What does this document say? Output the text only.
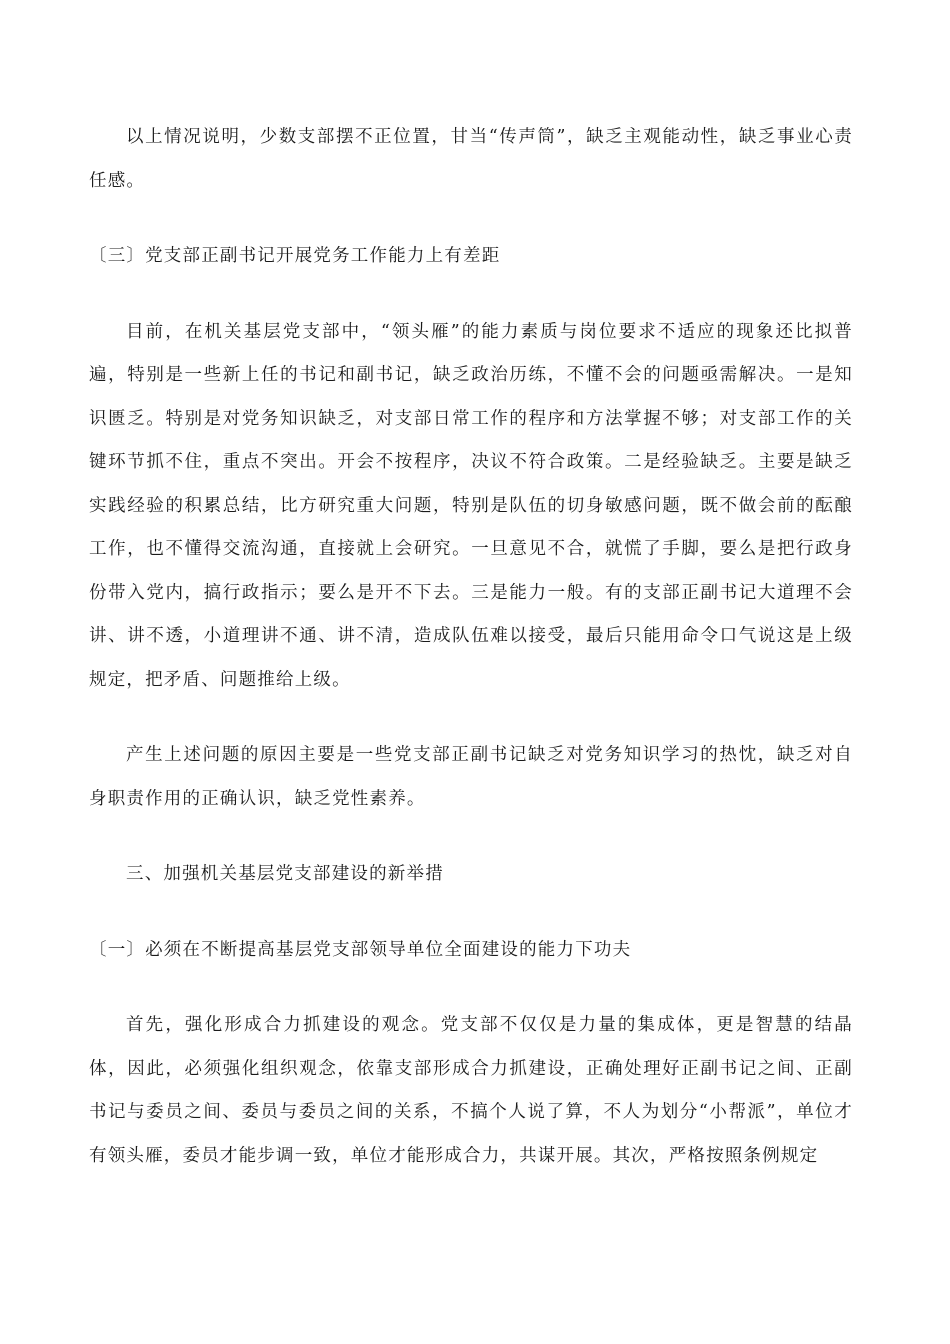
以上情况说明，少数支部摆不正位置，甘当“传声筒”，缺乏主观能动性，缺乏事业心责任感。

〔三〕党支部正副书记开展党务工作能力上有差距

目前，在机关基层党支部中，“领头雁”的能力素质与岗位要求不适应的现象还比拟普遍，特别是一些新上任的书记和副书记，缺乏政治历练，不懂不会的问题亟需解决。一是知识匮乏。特别是对党务知识缺乏，对支部日常工作的程序和方法掌握不够；对支部工作的关键环节抓不住，重点不突出。开会不按程序，决议不符合政策。二是经验缺乏。主要是缺乏实践经验的积累总结，比方研究重大问题，特别是队伍的切身敏感问题，既不做会前的酝酿工作，也不懂得交流沟通，直接就上会研究。一旦意见不合，就慌了手脚，要么是把行政身份带入党内，搞行政指示；要么是开不下去。三是能力一般。有的支部正副书记大道理不会讲、讲不透，小道理讲不通、讲不清，造成队伍难以接受，最后只能用命令口气说这是上级规定，把矛盾、问题推给上级。

产生上述问题的原因主要是一些党支部正副书记缺乏对党务知识学习的热忱，缺乏对自身职责作用的正确认识，缺乏党性素养。

三、加强机关基层党支部建设的新举措

〔一〕必须在不断提高基层党支部领导单位全面建设的能力下功夫

首先，强化形成合力抓建设的观念。党支部不仅仅是力量的集成体，更是智慧的结晶体，因此，必须强化组织观念，依靠支部形成合力抓建设，正确处理好正副书记之间、正副书记与委员之间、委员与委员之间的关系，不搞个人说了算，不人为划分“小帮派”，单位才有领头雁，委员才能步调一致，单位才能形成合力，共谋开展。其次，严格按照条例规定
